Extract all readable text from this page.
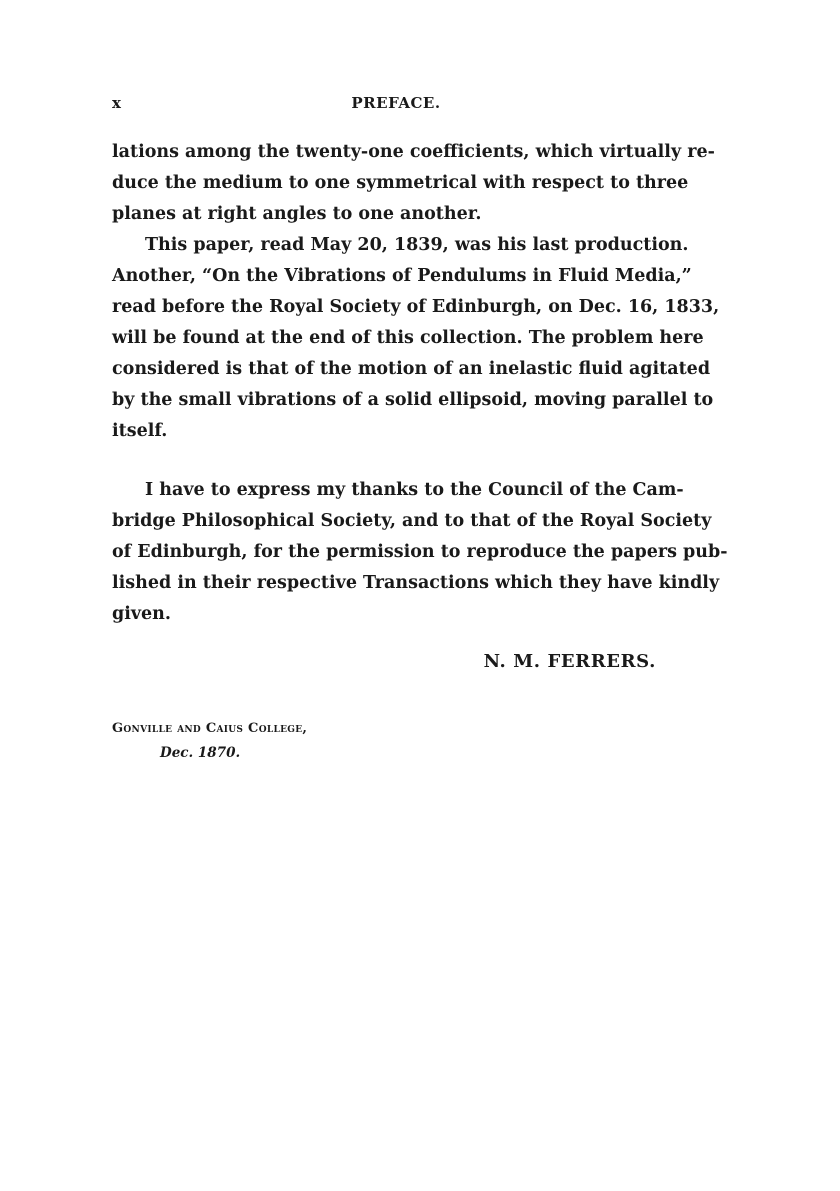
x	PREFACE.
lations among the twenty-one coefficients, which virtually re-
duce the medium to one symmetrical with respect to three
planes at right angles to one another.
This paper, read May 20, 1839, was his last production.
Another, “On the Vibrations of Pendulums in Fluid Media,”
read before the Royal Society of Edinburgh, on Dec. 16, 1833,
will be found at the end of this collection. The problem here
considered is that of the motion of an inelastic fluid agitated
by the small vibrations of a solid ellipsoid, moving parallel to
itself.
I have to express my thanks to the Council of the Cam-
bridge Philosophical Society, and to that of the Royal Society
of Edinburgh, for the permission to reproduce the papers pub-
lished in their respective Transactions which they have kindly
given.
N. M. FERRERS.
Gonville and Caius College,
Dec. 1870.
